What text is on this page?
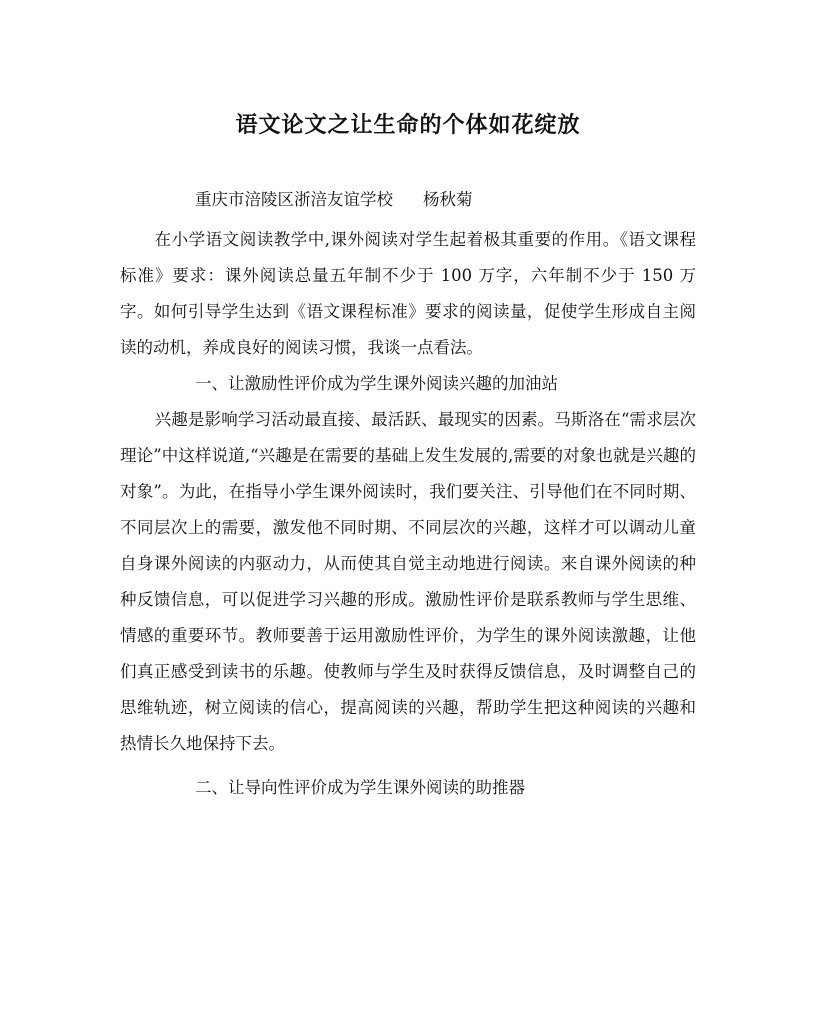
语文论文之让生命的个体如花绽放
重庆市涪陵区浙涪友谊学校 杨秋菊

在小学语文阅读教学中,课外阅读对学生起着极其重要的作用。《语文课程标准》要求：课外阅读总量五年制不少于 100 万字，六年制不少于 150 万字。如何引导学生达到《语文课程标准》要求的阅读量，促使学生形成自主阅读的动机，养成良好的阅读习惯，我谈一点看法。

一、让激励性评价成为学生课外阅读兴趣的加油站

兴趣是影响学习活动最直接、最活跃、最现实的因素。马斯洛在“需求层次理论”中这样说道,“兴趣是在需要的基础上发生发展的,需要的对象也就是兴趣的对象”。为此，在指导小学生课外阅读时，我们要关注、引导他们在不同时期、不同层次上的需要，激发他不同时期、不同层次的兴趣，这样才可以调动儿童自身课外阅读的内驱动力，从而使其自觉主动地进行阅读。来自课外阅读的种种反馈信息，可以促进学习兴趣的形成。激励性评价是联系教师与学生思维、情感的重要环节。教师要善于运用激励性评价，为学生的课外阅读激趣，让他们真正感受到读书的乐趣。使教师与学生及时获得反馈信息，及时调整自己的思维轨迹，树立阅读的信心，提高阅读的兴趣，帮助学生把这种阅读的兴趣和热情长久地保持下去。

二、让导向性评价成为学生课外阅读的助推器
